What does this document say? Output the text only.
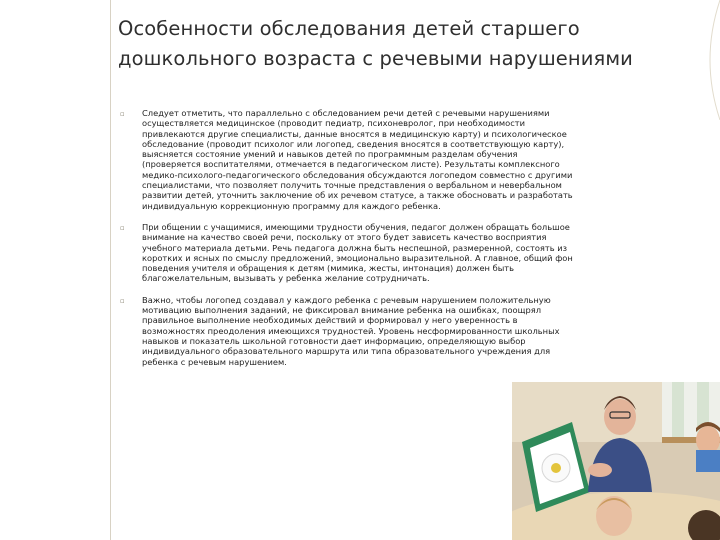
Особенности обследования детей старшего дошкольного возраста с речевыми нарушениями
▫ Следует отметить, что параллельно с обследованием речи детей с речевыми нарушениями осуществляется медицинское (проводит педиатр, психоневролог, при необходимости привлекаются другие специалисты, данные вносятся в медицинскую карту) и психологическое обследование (проводит психолог или логопед, сведения вносятся в соответствующую карту), выясняется состояние умений и навыков детей по программным разделам обучения (проверяется воспитателями, отмечается в педагогическом листе). Результаты комплексного медико-психолого-педагогического обследования обсуждаются логопедом совместно с другими специалистами, что позволяет получить точные представления о вербальном и невербальном развитии детей, уточнить заключение об их речевом статусе, а также обосновать и разработать индивидуальную коррекционную программу для каждого ребенка.
▫ При общении с учащимися, имеющими трудности обучения, педагог должен обращать большое внимание на качество своей речи, поскольку от этого будет зависеть качество восприятия учебного материала детьми. Речь педагога должна быть неспешной, размеренной, состоять из коротких и ясных по смыслу предложений, эмоционально выразительной. А главное, общий фон поведения учителя и обращения к детям (мимика, жесты, интонация) должен быть благожелательным, вызывать у ребенка желание сотрудничать.
▫ Важно, чтобы логопед создавал у каждого ребенка с речевым нарушением положительную мотивацию выполнения заданий, не фиксировал внимание ребенка на ошибках, поощрял правильное выполнение необходимых действий и формировал у него уверенность в возможностях преодоления имеющихся трудностей. Уровень несформированности школьных навыков и показатель школьной готовности дает информацию, определяющую выбор индивидуального образовательного маршрута или типа образовательного учреждения для ребенка с речевым нарушением.
